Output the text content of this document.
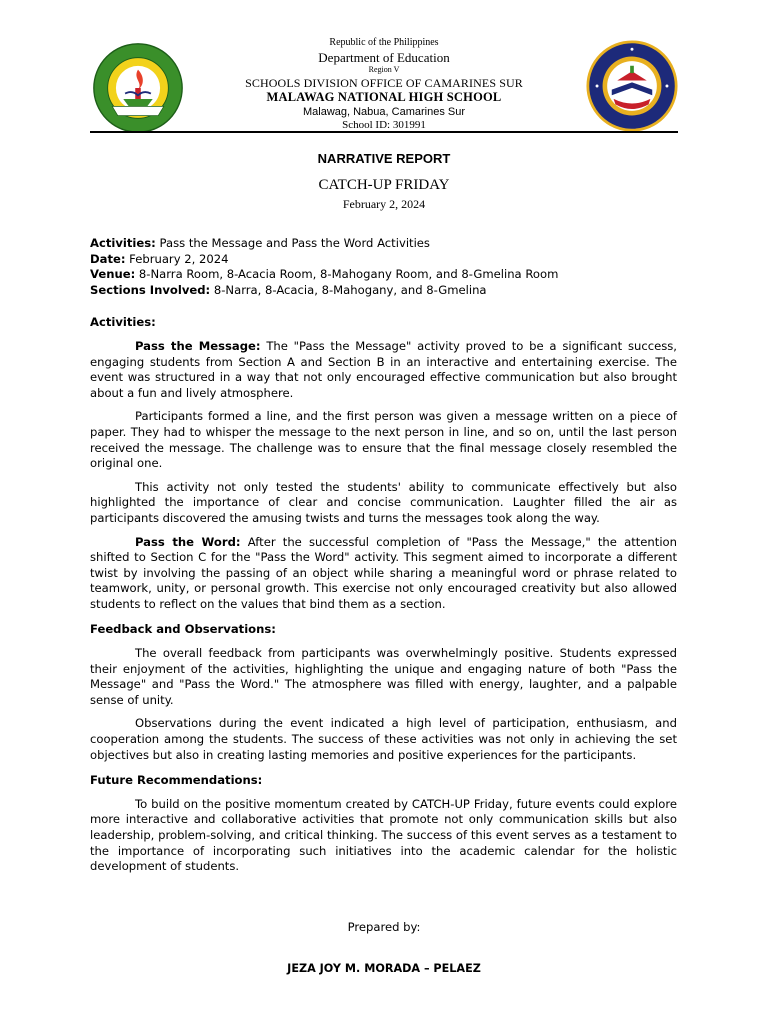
Republic of the Philippines
Department of Education
Region V
SCHOOLS DIVISION OFFICE OF CAMARINES SUR
MALAWAG NATIONAL HIGH SCHOOL
Malawag, Nabua, Camarines Sur
School ID: 301991
NARRATIVE REPORT
CATCH-UP FRIDAY
February 2, 2024
Activities: Pass the Message and Pass the Word Activities
Date: February 2, 2024
Venue: 8-Narra Room, 8-Acacia Room, 8-Mahogany Room, and 8-Gmelina Room
Sections Involved: 8-Narra, 8-Acacia, 8-Mahogany, and 8-Gmelina
Activities:

Pass the Message: The "Pass the Message" activity proved to be a significant success, engaging students from Section A and Section B in an interactive and entertaining exercise. The event was structured in a way that not only encouraged effective communication but also brought about a fun and lively atmosphere.

Participants formed a line, and the first person was given a message written on a piece of paper. They had to whisper the message to the next person in line, and so on, until the last person received the message. The challenge was to ensure that the final message closely resembled the original one.

This activity not only tested the students' ability to communicate effectively but also highlighted the importance of clear and concise communication. Laughter filled the air as participants discovered the amusing twists and turns the messages took along the way.

Pass the Word: After the successful completion of "Pass the Message," the attention shifted to Section C for the "Pass the Word" activity. This segment aimed to incorporate a different twist by involving the passing of an object while sharing a meaningful word or phrase related to teamwork, unity, or personal growth. This exercise not only encouraged creativity but also allowed students to reflect on the values that bind them as a section.

Feedback and Observations:

The overall feedback from participants was overwhelmingly positive. Students expressed their enjoyment of the activities, highlighting the unique and engaging nature of both "Pass the Message" and "Pass the Word." The atmosphere was filled with energy, laughter, and a palpable sense of unity.

Observations during the event indicated a high level of participation, enthusiasm, and cooperation among the students. The success of these activities was not only in achieving the set objectives but also in creating lasting memories and positive experiences for the participants.

Future Recommendations:

To build on the positive momentum created by CATCH-UP Friday, future events could explore more interactive and collaborative activities that promote not only communication skills but also leadership, problem-solving, and critical thinking. The success of this event serves as a testament to the importance of incorporating such initiatives into the academic calendar for the holistic development of students.

Prepared by:
JEZA JOY M. MORADA – PELAEZ
